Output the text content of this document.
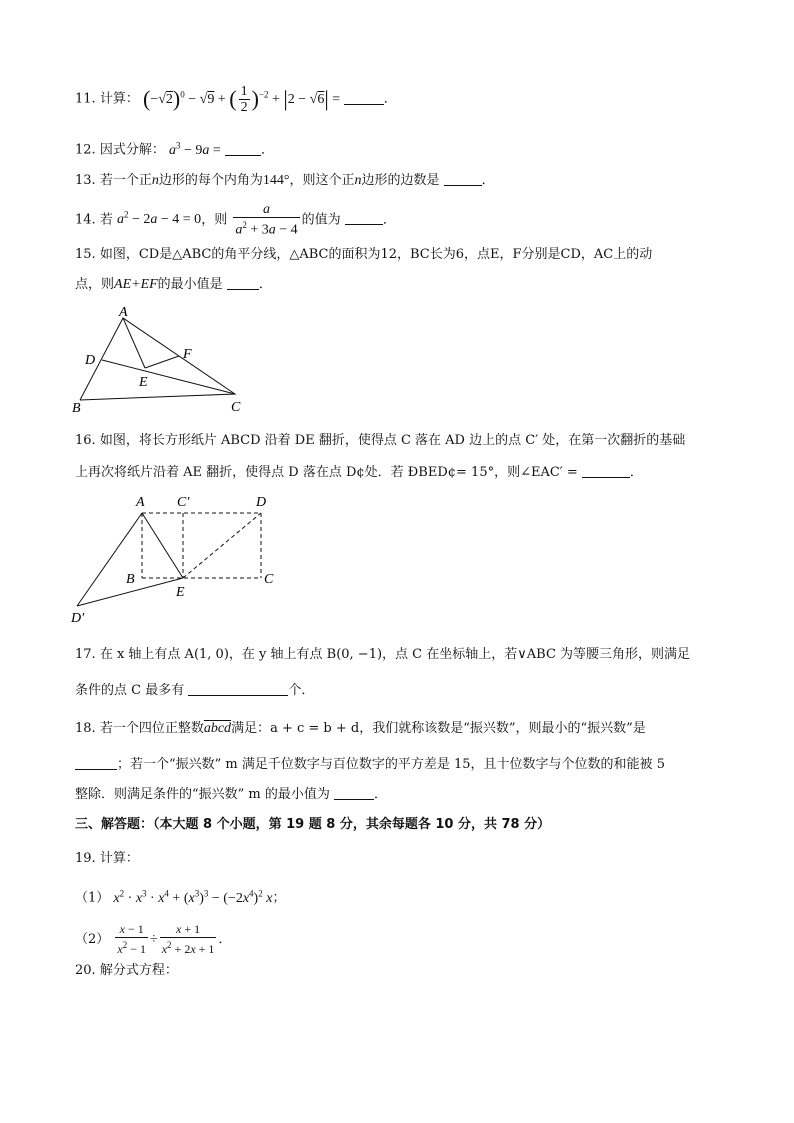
11. 计算： $(-√2)^0 - √9$ + ( $\frac{1}{2} )^{-2} + |2 - √6|$ =	．
12. 因式分解： $a^3 - 9a$ =	．
13. 若一个正n边形的每个内角为144°，则这个正n边形的边数是	．
14. 若 $a^2 - 2a - 4 = 0$，则 $\frac{a}{a^2 + 3a - 4}$ 的值为	．
15. 如图，CD是△ABC的角平分线，△ABC的面积为12，BC长为6，点E，F分别是CD，AC上的动
点，则AE+EF的最小值是	．
A
B	C
D
E
F
16. 如图，将长方形纸片 ABCD 沿着 DE 翻折，使得点 C 落在 AD 边上的点 C′ 处，在第一次翻折的基础
上再次将纸片沿着 AE 翻折，使得点 D 落在点 D¢处．若 ÐBED¢= 15°，则∠EAC′ =	．
A C′	D
B
E
C
D′
17. 在 x 轴上有点 A(1, 0)，在 y 轴上有点 B(0, −1)，点 C 在坐标轴上，若∨ABC 为等腰三角形，则满足
条件的点 C 最多有	个．
18. 若一个四位正整数abcd满足：a + c = b + d，我们就称该数是“振兴数”，则最小的“振兴数”是
；若一个“振兴数” m 满足千位数字与百位数字的平方差是 15，且十位数字与个位数的和能被 5
整除．则满足条件的“振兴数” m 的最小值为	．
三、解答题：（本大题 8 个小题，第 19 题 8 分，其余每题各 10 分，共 78 分）
19. 计算：
（1） $x^2 \cdot x^3 \cdot x^4 + (x^3)^3 - (-2x^4)^2$ x；
$(2) \frac{x - 1}{x^2 - 1} \div \frac{x + 1}{x^2 + 2x + 1}$ ．
20. 解分式方程：
